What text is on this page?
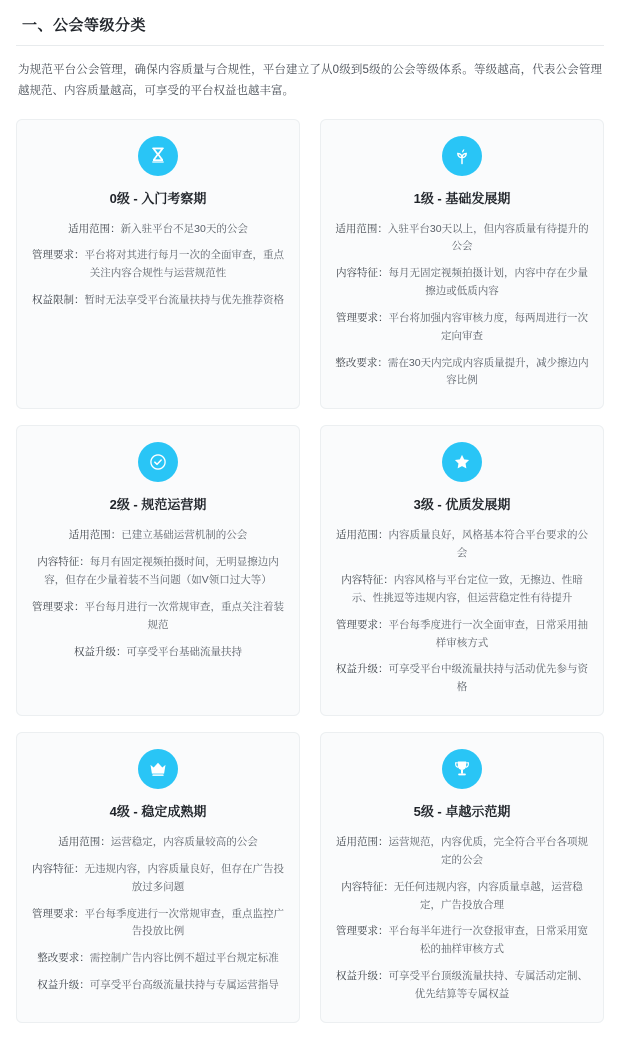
一、公会等级分类

为规范平台公会管理，确保内容质量与合规性，平台建立了从0级到5级的公会等级体系。等级越高，代表公会管理越规范、内容质量越高，可享受的平台权益也越丰富。

0级 - 入门考察期
适用范围：新入驻平台不足30天的公会
管理要求：平台将对其进行每月一次的全面审查，重点关注内容合规性与运营规范性
权益限制：暂时无法享受平台流量扶持与优先推荐资格
1级 - 基础发展期
适用范围：入驻平台30天以上，但内容质量有待提升的公会
内容特征：每月无固定视频拍摄计划，内容中存在少量擦边或低质内容
管理要求：平台将加强内容审核力度，每两周进行一次定向审查
整改要求：需在30天内完成内容质量提升，减少擦边内容比例
2级 - 规范运营期
适用范围：已建立基础运营机制的公会
内容特征：每月有固定视频拍摄时间，无明显擦边内容，但存在少量着装不当问题（如V领口过大等）
管理要求：平台每月进行一次常规审查，重点关注着装规范
权益升级：可享受平台基础流量扶持
3级 - 优质发展期
适用范围：内容质量良好，风格基本符合平台要求的公会
内容特征：内容风格与平台定位一致，无擦边、性暗示、性挑逗等违规内容，但运营稳定性有待提升
管理要求：平台每季度进行一次全面审查，日常采用抽样审核方式
权益升级：可享受平台中级流量扶持与活动优先参与资格
4级 - 稳定成熟期
适用范围：运营稳定，内容质量较高的公会
内容特征：无违规内容，内容质量良好，但存在广告投放过多问题
管理要求：平台每季度进行一次常规审查，重点监控广告投放比例
整改要求：需控制广告内容比例不超过平台规定标准
权益升级：可享受平台高级流量扶持与专属运营指导
5级 - 卓越示范期
适用范围：运营规范，内容优质，完全符合平台各项规定的公会
内容特征：无任何违规内容，内容质量卓越，运营稳定，广告投放合理
管理要求：平台每半年进行一次登报审查，日常采用宽松的抽样审核方式
权益升级：可享受平台顶级流量扶持、专属活动定制、优先结算等专属权益
